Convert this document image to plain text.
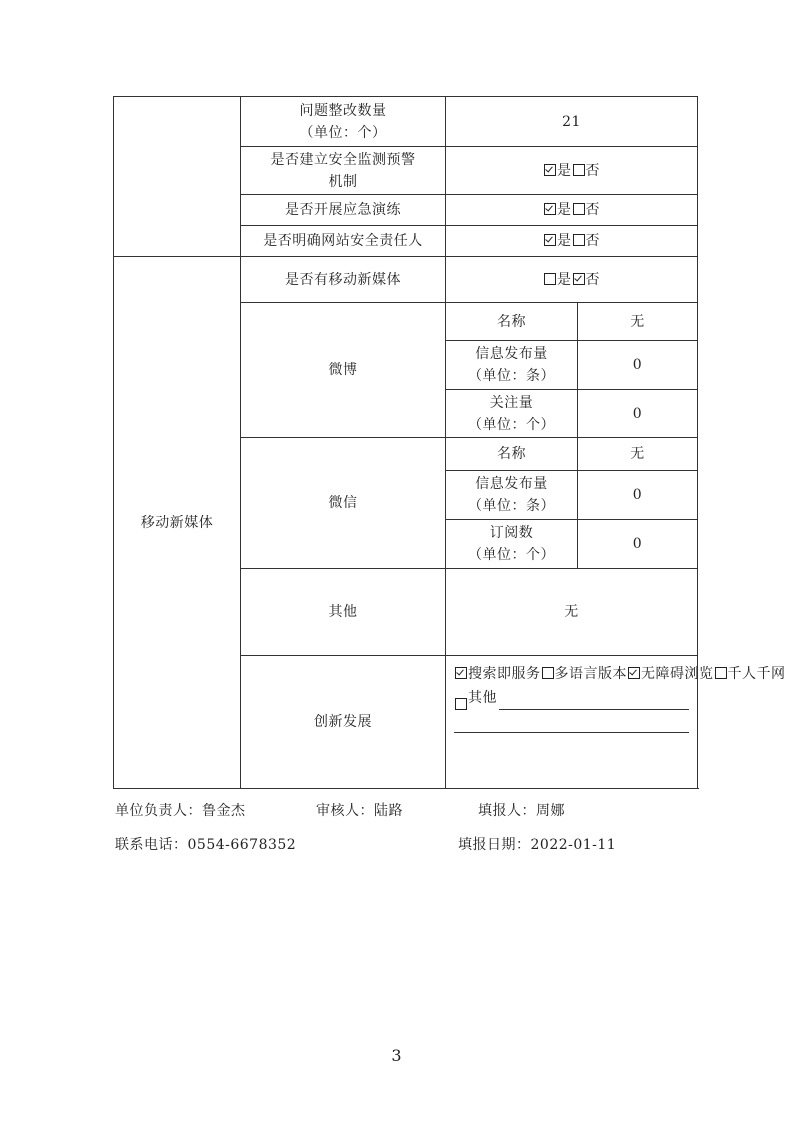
	问题整改数量
（单位：个）	21	

	是否建立安全监测预警
机制	是 否	
	是否开展应急演练	是 否	
	是否明确网站安全责任人	是 否	
移动新媒体	是否有移动新媒体	是 否	
	微博	名称	无

		信息发布量
（单位：条）	0

		关注量
（单位：个）	0
	微信	名称	无

		信息发布量
（单位：条）	0

		订阅数
（单位：个）	0
	其他	无	
	创新发展	搜索即服务 多语言版本 无障碍浏览 千人千网
其他	
单位负责人：鲁金杰	审核人：陆路	填报人：周娜
联系电话：0554-6678352	填报日期：2022-01-11
3
